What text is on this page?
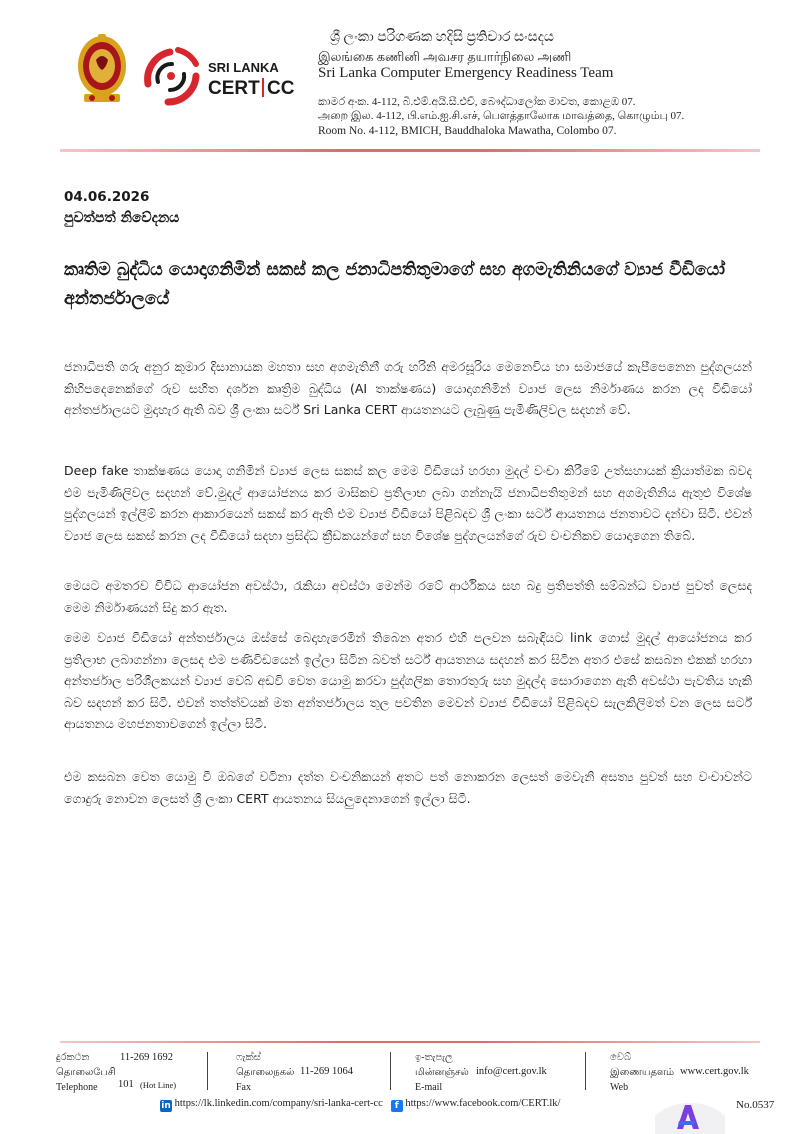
SRI LANKA
CERT CC
ශ්‍රී ලංකා පරිගණක හදිසි ප්‍රතිචාර සංසදය
இலங்கை கணினி அவசர தயார்நிலை அணி
Sri Lanka Computer Emergency Readiness Team
කාමර අංක. 4-112, බී.එම්.අයි.සී.එච්, බෞද්ධාලෝක මාවත, කොළඹ 07.
அறை இல. 4-112, பி.எம்.ஐ.சி.எச், பௌத்தாலோக மாவத்தை, கொழும்பு 07.
Room No. 4-112, BMICH, Bauddhaloka Mawatha, Colombo 07.
04.06.2026
පුවත්පත් නිවේදනය
කෘතිම බුද්ධිය යොදාගනිමින් සකස් කල ජනාධිපතිතුමාගේ සහ අගමැතිනියගේ ව්‍යාජ වීඩියෝ අන්තර්ජාලයේ
ජනාධිපති ගරු අනුර කුමාර දිසානායක මහතා සහ අගමැතිනී ගරු හරිනි අමරසූරිය මෙනෙවිය හා සමාජයේ කැපීපෙනෙන පුද්ගලයන් කිහිපදෙනෙක්ගේ රුව සහිත දර්ශන කෘත්‍රිම බුද්ධිය (AI තාක්ෂණය) යොදාගනිමින් ව්‍යාජ ලෙස නිර්මාණය කරන ලද වීඩියෝ අන්තර්ජාලයට මුදාහැර ඇති බව ශ්‍රී ලංකා සර්ට් Sri Lanka CERT ආයතනයට ලැබුණු පැමිණිලිවල සදහන් වේ.
Deep fake තාක්ෂණය යොදා ගනිමින් ව්‍යාජ ලෙස සකස් කල මෙම වීඩියෝ හරහා මුදල් වංචා කිරීමේ උත්සහායක් ක්‍රියාත්මක බවද එම පැමිණිලිවල සදහන් වේ.මුදල් ආයෝජනය කර මාසිකව ප්‍රතිලාභ ලබා ගන්නැයි ජනාධිපතිතුමන් සහ අගමැතිනිය ඇතුළු විශේෂ පුද්ගලයන් ඉල්ලීම් කරන ආකාරයෙන් සකස් කර ඇති එම ව්‍යාජ වීඩියෝ පිළිබදව ශ්‍රී ලංකා සර්ට් ආයතනය ජනතාවට දන්වා සිටී. එවන් ව්‍යාජ ලෙස සකස් කරන ලද වීඩියෝ සදහා ප්‍රසිද්ධ ක්‍රීඩකයන්ගේ සහ විශේෂ පුද්ගලයන්ගේ රුව වංචනිකව යොදාගෙන තිබේ.
මෙයට අමතරව විවිධ ආයෝජන අවස්ථා, රැකියා අවස්ථා මෙන්ම රටේ ආර්ථිකය සහ බදු ප්‍රතිපත්ති සම්බන්ධ ව්‍යාජ පුවත් ලෙසද මෙම නිර්මාණයන් සිදු කර ඇත.
මෙම ව්‍යාජ වීඩියෝ අන්තර්ජාලය ඔස්සේ බෙදාහැරෙමින් තිබෙන අතර එහි පලවන සබැඳියට link ගොස් මුදල් ආයෝජනය කර ප්‍රතිලාභ ලබාගන්නා ලෙසද එම පණිවිඩයෙන් ඉල්ලා සිටින බවත් සර්ට් ආයතනය සදහන් කර සිටින අතර එසේ කසබන එකක් හරහා අන්තර්ජාල පරිශීලකයන් ව්‍යාජ වෙබ් අඩවි වෙත යොමු කරවා පුද්ගලික තොරතුරු සහ මුදල්ද සොරාගෙන ඇති අවස්ථා පැවතිය හැකි බව සදහන් කර සිටී. එවන් තත්ත්වයක් මත අන්තර්ජාලය තුල පවතින මෙවන් ව්‍යාජ වීඩියෝ පිළිබදව සැලකිලිමත් වන ලෙස සර්ට් ආයතනය මහජනතාවගෙන් ඉල්ලා සිටී.
එම කසබන වෙත යොමු වී ඔබගේ වටිනා දත්ත වංචනිකයන් අතට පත් නොකරන ලෙසත් මෙවැනි අසත්‍ය පුවත් සහ වංචාවන්ට ගොදුරු නොවන ලෙසත් ශ්‍රී ලංකා CERT ආයතනය සියලුදෙනාගෙන් ඉල්ලා සිටී.
දුරකථන
தொலைபேசி
Telephone
11-269 1692
101 (Hot Line)
ෆැක්ස්
தொலைநகல்
Fax
11-269 1064
ඉ-තැපැල
மின்னஞ்சல்
E-mail
info@cert.gov.lk
වෙබ්
இணையதளம்
Web
www.cert.gov.lk
in https://lk.linkedin.com/company/sri-lanka-cert-cc f https://www.facebook.com/CERT.lk/	No.0537
